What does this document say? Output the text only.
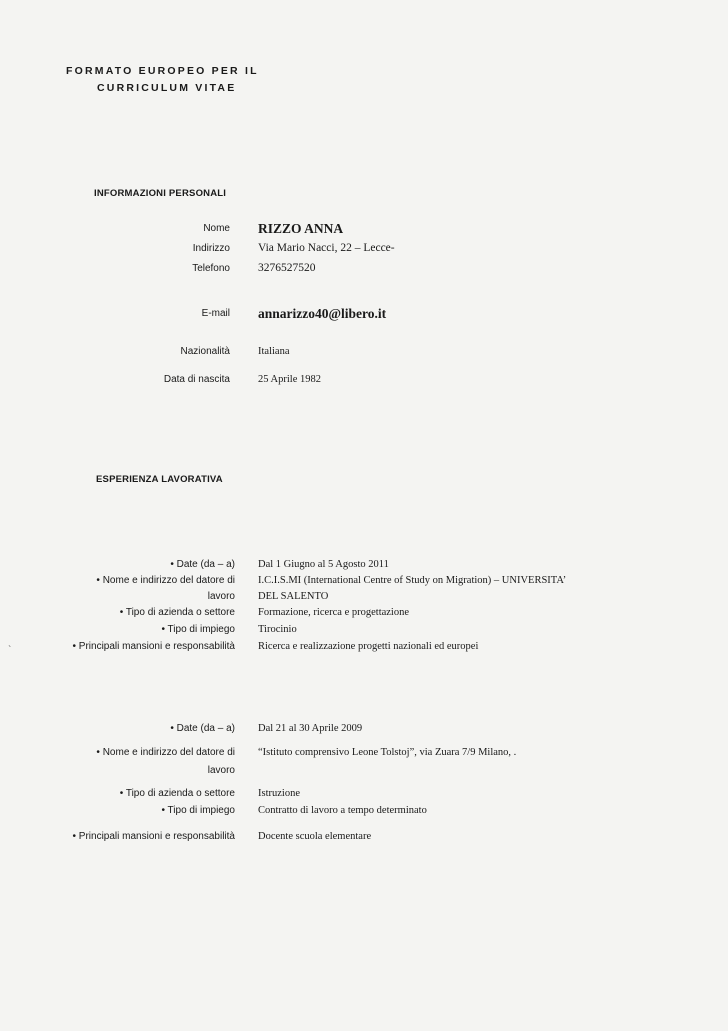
FORMATO EUROPEO PER IL
CURRICULUM VITAE
INFORMAZIONI PERSONALI
Nome RIZZO ANNA
Indirizzo Via Mario Nacci, 22 – Lecce-
Telefono 3276527520
E-mail annarizzo40@libero.it
Nazionalità	Italiana
Data di nascita	25 Aprile 1982
ESPERIENZA LAVORATIVA
• Date (da – a) Dal 1 Giugno al 5 Agosto 2011
• Nome e indirizzo del datore di I.C.I.S.MI (International Centre of Study on Migration) – UNIVERSITA’
lavoro DEL SALENTO
• Tipo di azienda o settore Formazione, ricerca e progettazione
• Tipo di impiego Tirocinio
• Principali mansioni e responsabilità Ricerca e realizzazione progetti nazionali ed europei
• Date (da – a) Dal 21 al 30 Aprile 2009
• Nome e indirizzo del datore di “Istituto comprensivo Leone Tolstoj”, via Zuara 7/9 Milano, .
lavoro
• Tipo di azienda o settore Istruzione
• Tipo di impiego Contratto di lavoro a tempo determinato
• Principali mansioni e responsabilità Docente scuola elementare
ˋ
